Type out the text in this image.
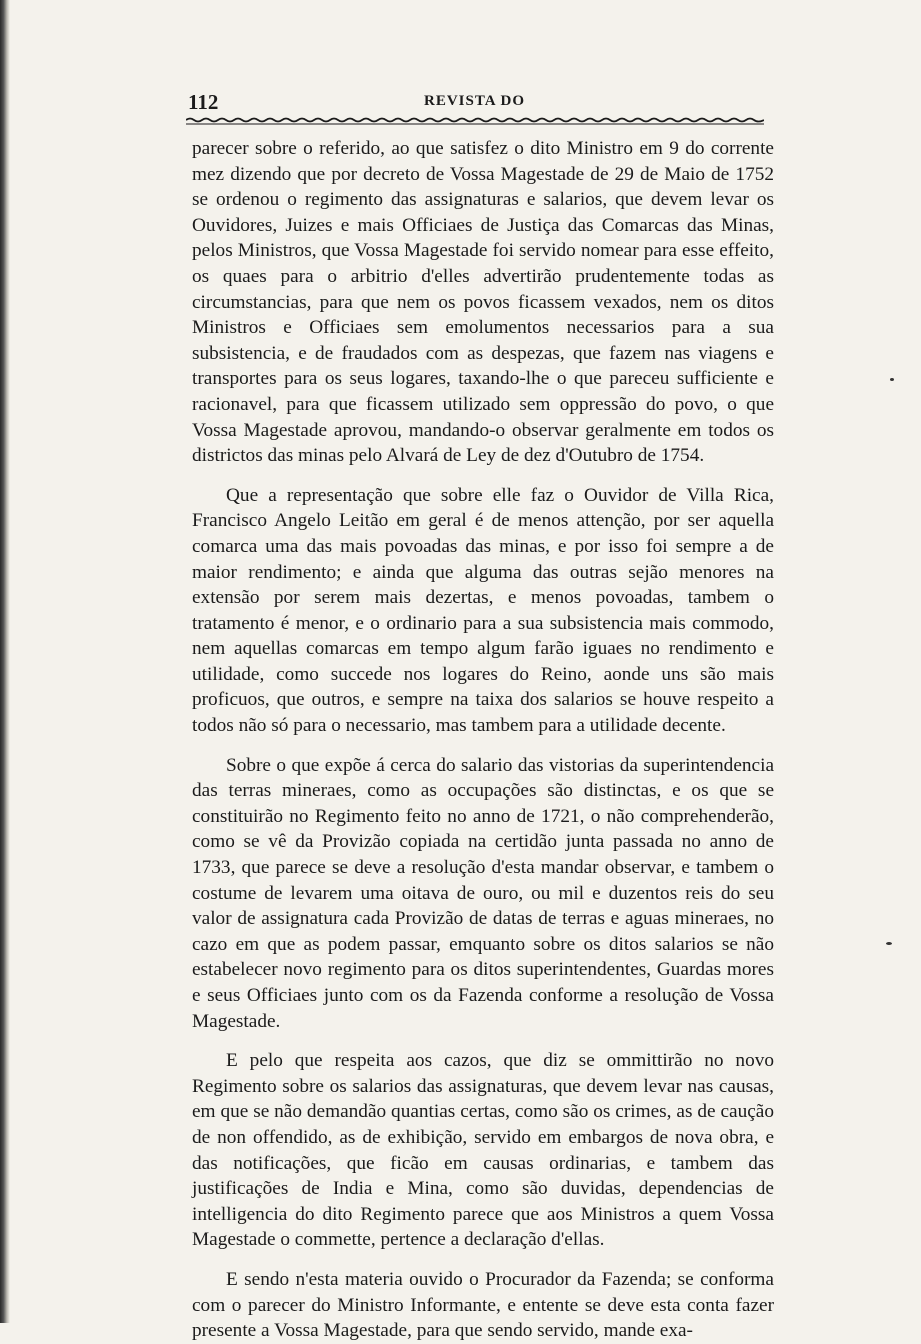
112	REVISTA DO

parecer sobre o referido, ao que satisfez o dito Ministro em 9 do corrente mez dizendo que por decreto de Vossa Magestade de 29 de Maio de 1752 se ordenou o regimento das assignaturas e salarios, que devem levar os Ouvidores, Juizes e mais Officiaes de Justiça das Comarcas das Minas, pelos Ministros, que Vossa Magestade foi servido nomear para esse effeito, os quaes para o arbitrio d'elles advertirão prudentemente todas as circumstancias, para que nem os povos ficassem vexados, nem os ditos Ministros e Officiaes sem emolumentos necessarios para a sua subsistencia, e de fraudados com as despezas, que fazem nas viagens e transportes para os seus logares, taxando-lhe o que pareceu sufficiente e racionavel, para que ficassem utilizado sem oppressão do povo, o que Vossa Magestade aprovou, mandando-o observar geralmente em todos os districtos das minas pelo Alvará de Ley de dez d'Outubro de 1754.

Que a representação que sobre elle faz o Ouvidor de Villa Rica, Francisco Angelo Leitão em geral é de menos attenção, por ser aquella comarca uma das mais povoadas das minas, e por isso foi sempre a de maior rendimento; e ainda que alguma das outras sejão menores na extensão por serem mais dezertas, e menos povoadas, tambem o tratamento é menor, e o ordinario para a sua subsistencia mais commodo, nem aquellas comarcas em tempo algum farão iguaes no rendimento e utilidade, como succede nos logares do Reino, aonde uns são mais proficuos, que outros, e sempre na taixa dos salarios se houve respeito a todos não só para o necessario, mas tambem para a utilidade decente.

Sobre o que expõe á cerca do salario das vistorias da superintendencia das terras mineraes, como as occupações são distinctas, e os que se constituirão no Regimento feito no anno de 1721, o não comprehenderão, como se vê da Provizão copiada na certidão junta passada no anno de 1733, que parece se deve a resolução d'esta mandar observar, e tambem o costume de levarem uma oitava de ouro, ou mil e duzentos reis do seu valor de assignatura cada Provizão de datas de terras e aguas mineraes, no cazo em que as podem passar, emquanto sobre os ditos salarios se não estabelecer novo regimento para os ditos superintendentes, Guardas mores e seus Officiaes junto com os da Fazenda conforme a resolução de Vossa Magestade.

E pelo que respeita aos cazos, que diz se ommittirão no novo Regimento sobre os salarios das assignaturas, que devem levar nas causas, em que se não demandão quantias certas, como são os crimes, as de caução de non offendido, as de exhibição, servido em embargos de nova obra, e das notificações, que ficão em causas ordinarias, e tambem das justificações de India e Mina, como são duvidas, dependencias de intelligencia do dito Regimento parece que aos Ministros a quem Vossa Magestade o commette, pertence a declaração d'ellas.

E sendo n'esta materia ouvido o Procurador da Fazenda; se conforma com o parecer do Ministro Informante, e entente se deve esta conta fazer presente a Vossa Magestade, para que sendo servido, mande exa-
